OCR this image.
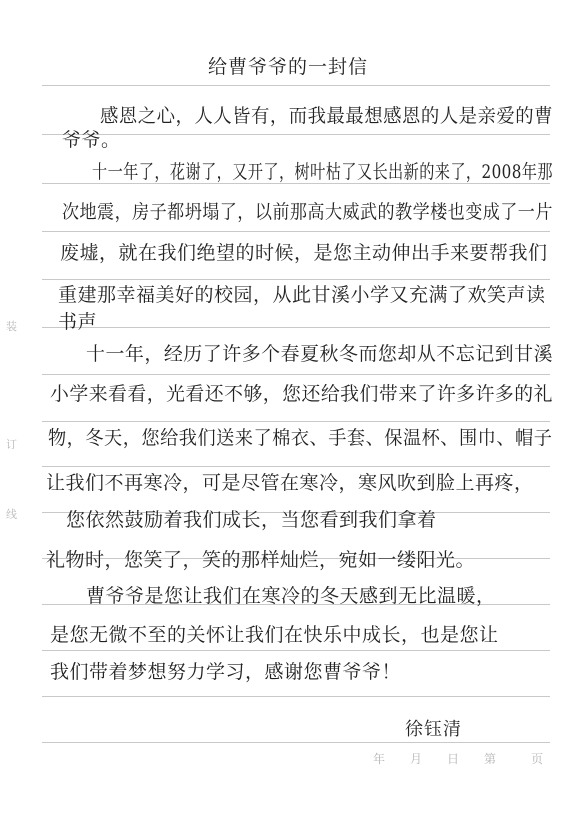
装
订
线
给曹爷爷的一封信
感恩之心，人人皆有，而我最最想感恩的人是亲爱的曹
爷爷。
十一年了，花谢了，又开了，树叶枯了又长出新的来了，2008年那
次地震，房子都坍塌了，以前那高大威武的教学楼也变成了一片
废墟，就在我们绝望的时候，是您主动伸出手来要帮我们
重建那幸福美好的校园，从此甘溪小学又充满了欢笑声读
书声
十一年，经历了许多个春夏秋冬而您却从不忘记到甘溪
小学来看看，光看还不够，您还给我们带来了许多许多的礼
物，冬天，您给我们送来了棉衣、手套、保温杯、围巾、帽子
让我们不再寒冷，可是尽管在寒冷，寒风吹到脸上再疼，
您依然鼓励着我们成长，当您看到我们拿着
礼物时，您笑了，笑的那样灿烂，宛如一缕阳光。
曹爷爷是您让我们在寒冷的冬天感到无比温暖，
是您无微不至的关怀让我们在快乐中成长，也是您让
我们带着梦想努力学习，感谢您曹爷爷！
徐钰清
年 月 日 第	页
